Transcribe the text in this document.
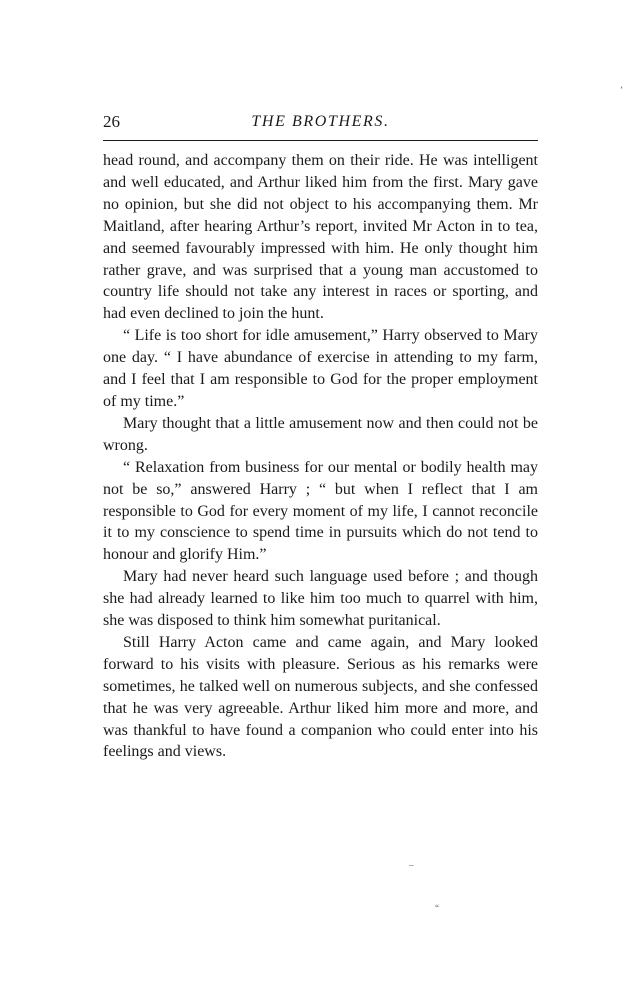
26	THE BROTHERS.

head round, and accompany them on their ride. He was intelligent and well educated, and Arthur liked him from the first. Mary gave no opinion, but she did not object to his accompanying them. Mr Maitland, after hearing Arthur’s report, invited Mr Acton in to tea, and seemed favourably impressed with him. He only thought him rather grave, and was surprised that a young man accustomed to country life should not take any interest in races or sporting, and had even declined to join the hunt.

“ Life is too short for idle amusement,” Harry observed to Mary one day. “ I have abundance of exercise in attending to my farm, and I feel that I am responsible to God for the proper employment of my time.”

Mary thought that a little amusement now and then could not be wrong.

“ Relaxation from business for our mental or bodily health may not be so,” answered Harry ; “ but when I reflect that I am responsible to God for every moment of my life, I cannot reconcile it to my conscience to spend time in pursuits which do not tend to honour and glorify Him.”

Mary had never heard such language used before ; and though she had already learned to like him too much to quarrel with him, she was disposed to think him somewhat puritanical.

Still Harry Acton came and came again, and Mary looked forward to his visits with pleasure. Serious as his remarks were sometimes, he talked well on numerous subjects, and she confessed that he was very agreeable. Arthur liked him more and more, and was thankful to have found a companion who could enter into his feelings and views.

’
–
“
